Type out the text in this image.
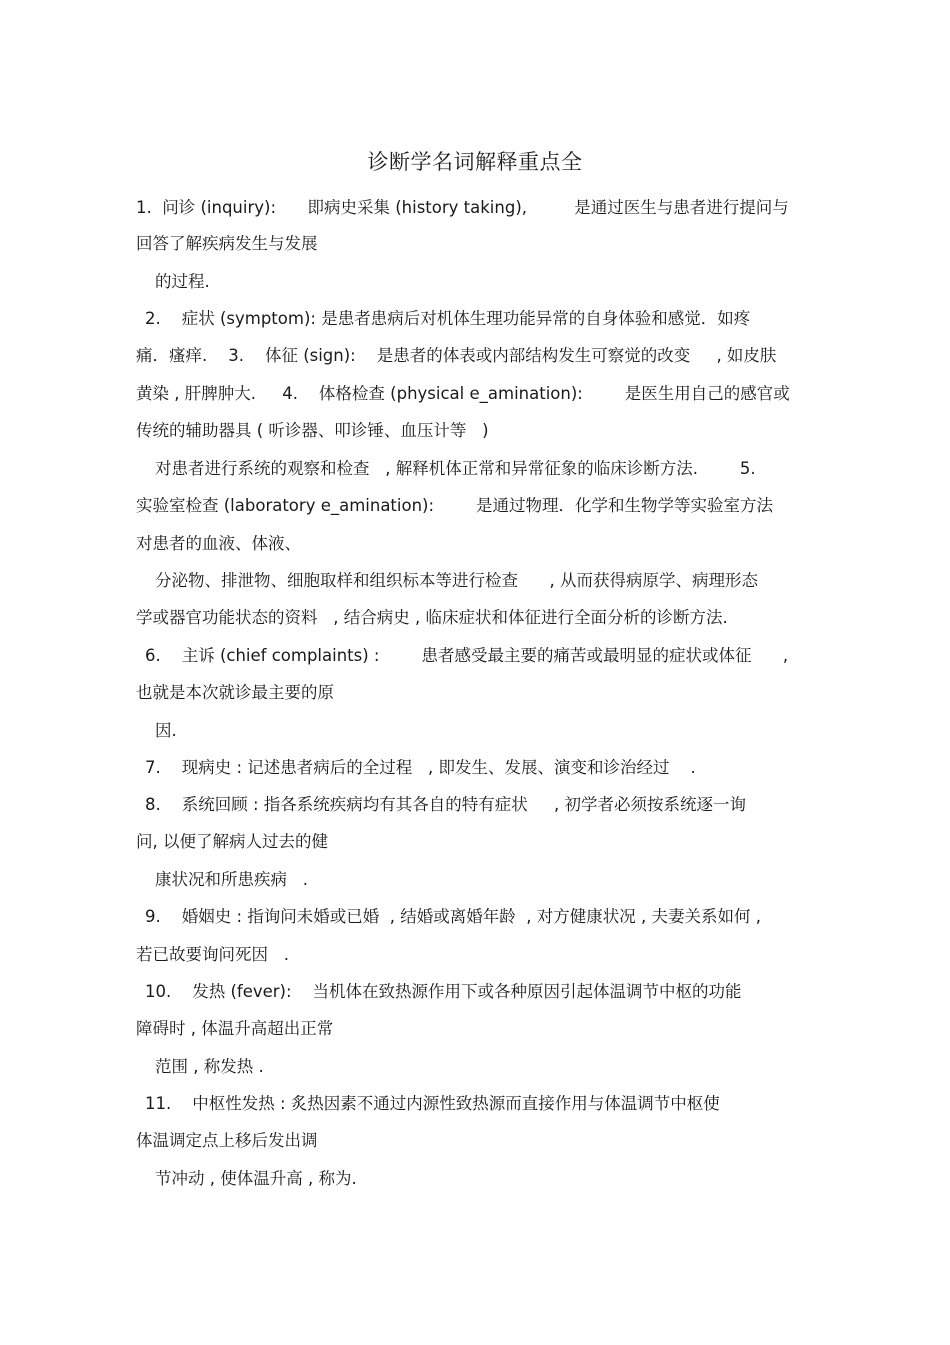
诊断学名词解释重点全

1.  问诊 (inquiry):      即病史采集 (history taking),         是通过医生与患者进行提问与

回答了解疾病发生与发展

的过程.

2.    症状 (symptom): 是患者患病后对机体生理功能异常的自身体验和感觉．如疼

痛．瘙痒.    3.    体征 (sign):    是患者的体表或内部结构发生可察觉的改变     , 如皮肤

黄染 , 肝脾肿大.     4.    体格检查 (physical e_amination):        是医生用自己的感官或

传统的辅助器具 ( 听诊器、叩诊锤、血压计等   )

对患者进行系统的观察和检查   , 解释机体正常和异常征象的临床诊断方法.        5.

实验室检查 (laboratory e_amination):        是通过物理．化学和生物学等实验室方法

对患者的血液、体液、

分泌物、排泄物、细胞取样和组织标本等进行检查      , 从而获得病原学、病理形态

学或器官功能状态的资料   , 结合病史 , 临床症状和体征进行全面分析的诊断方法.

6.    主诉 (chief complaints) :        患者感受最主要的痛苦或最明显的症状或体征      ,

也就是本次就诊最主要的原

因.

7.    现病史 : 记述患者病后的全过程   , 即发生、发展、演变和诊治经过    .

8.    系统回顾 : 指各系统疾病均有其各自的特有症状     , 初学者必须按系统逐一询

问, 以便了解病人过去的健

康状况和所患疾病   .

9.    婚姻史 : 指询问未婚或已婚  , 结婚或离婚年龄  , 对方健康状况 , 夫妻关系如何 ,

若已故要询问死因   .

10.    发热 (fever):    当机体在致热源作用下或各种原因引起体温调节中枢的功能

障碍时 , 体温升高超出正常

范围 , 称发热 .

11.    中枢性发热 : 炙热因素不通过内源性致热源而直接作用与体温调节中枢使

体温调定点上移后发出调

节冲动 , 使体温升高 , 称为.
